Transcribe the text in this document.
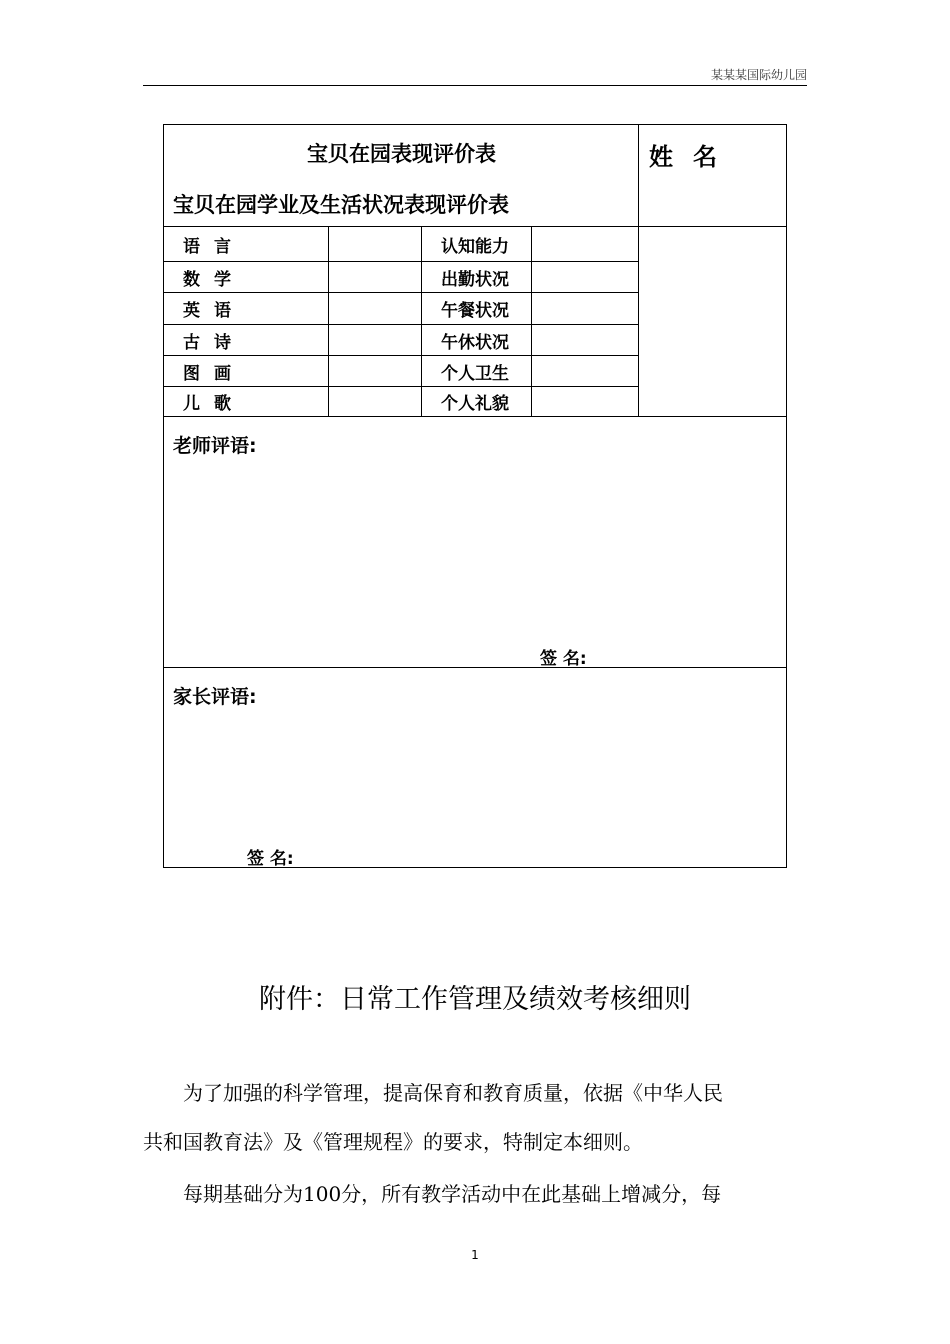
某某某国际幼儿园
宝贝在园表现评价表
宝贝在园学业及生活状况表现评价表
姓名
语言	认知能力
数学	出勤状况
英语	午餐状况
古诗	午休状况
图画	个人卫生
儿歌	个人礼貌
老师评语:
签 名:
家长评语:
签 名:
附件：日常工作管理及绩效考核细则
为了加强的科学管理，提高保育和教育质量，依据《中华人民
共和国教育法》及《管理规程》的要求，特制定本细则。
每期基础分为100分，所有教学活动中在此基础上增减分，每
1
